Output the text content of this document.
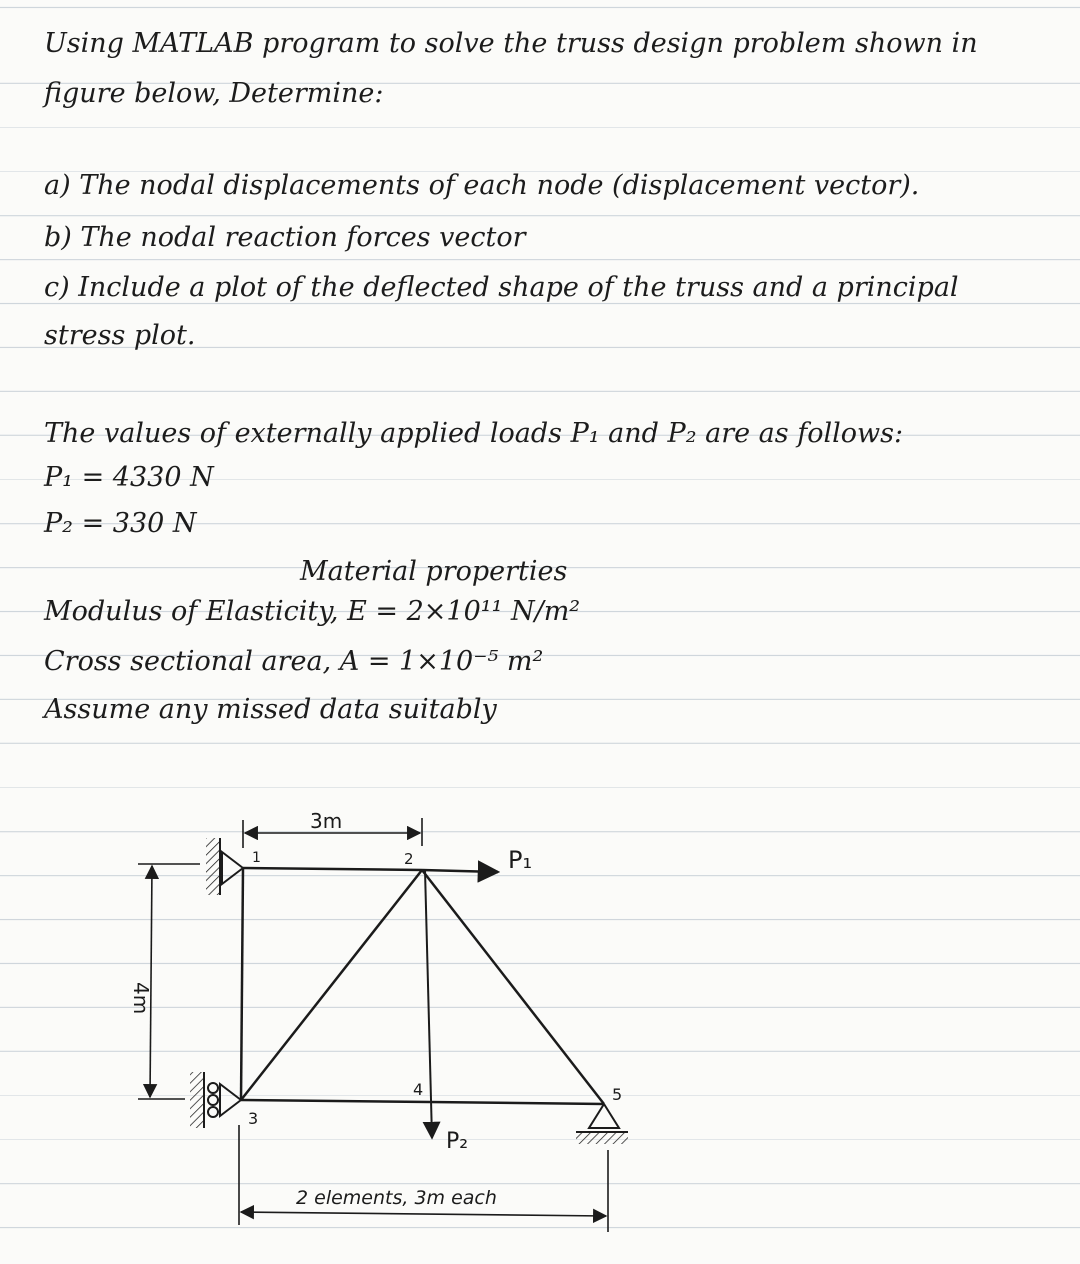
Using MATLAB program to solve the truss design problem shown in

figure below, Determine:

a) The nodal displacements of each node (displacement vector).

b) The nodal reaction forces vector

c) Include a plot of the deflected shape of the truss and a principal

stress plot.

The values of externally applied loads P₁ and P₂ are as follows:

P₁ = 4330 N

P₂ = 330 N

Material properties

Modulus of Elasticity, E = 2×10¹¹ N/m²

Cross sectional area, A = 1×10⁻⁵ m²

Assume any missed data suitably

3m
4m
2 elements, 3m each
P₁
P₂
1	2
3
4	5
